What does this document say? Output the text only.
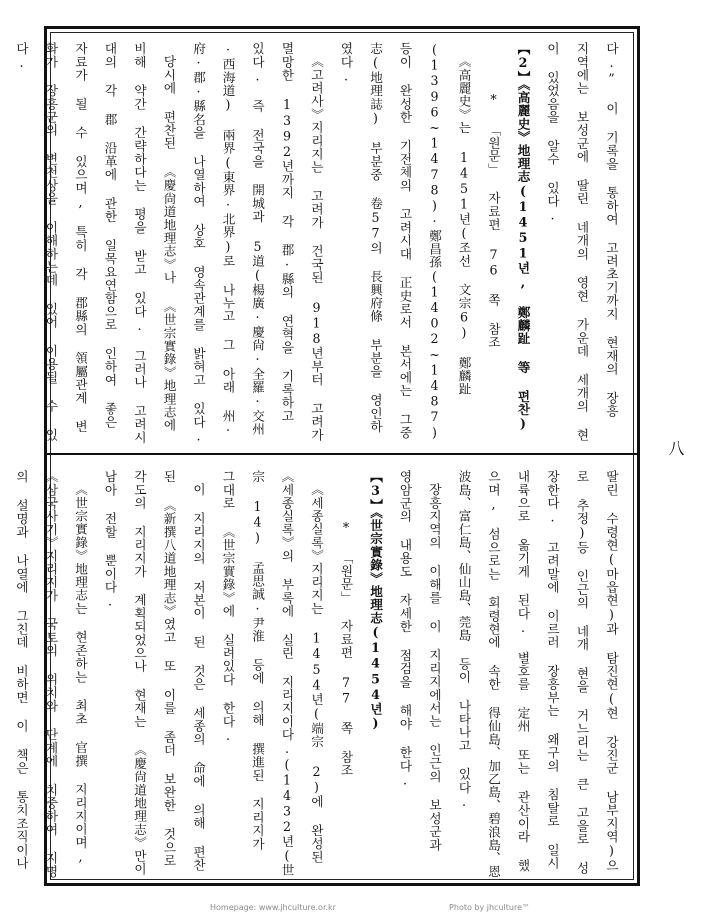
다.” 이 기록을 통하여 고려초기까지 현재의 장흥 지역에는 보성군에 딸린 네개의 영현 가운데 세개의 현이 있었음을 알수 있다.

【2】《高麗史》地理志(1451년, 鄭麟趾 等 편찬)

* 「원문」 자료편 76 쪽 참조

《高麗史》는 1451년(조선 文宗6) 鄭麟趾(1396~1478)·鄭昌孫(1402~1487)등이 완성한 기전체의 고려시대 正史로서 본서에는 그중 志(地理誌) 부분중 卷57의 長興府條 부분을 영인하였다.

《고려사》지리지는 고려가 건국된 918년부터 고려가 멸망한 1392년까지 각 郡·縣의 연혁을 기록하고 있다. 즉 전국을 開城과 5道(楊廣·慶尙·全羅·交州·西海道) 兩界(東界·北界)로 나누고 그 아래 州·府·郡·縣名을 나열하여 상호 영속관계를 밝혀고 있다.

당시에 편찬된 《慶尙道地理志》나 《世宗實錄》地理志에 비해 약간 간략하다는 평을 받고 있다. 그러나 고려시대의 각 郡 沿革에 관한 일목요연함으로 인하여 좋은 자료가 될 수 있으며, 특히 각 郡縣의 領屬관계 변화가 장흥군의 변천상을 이해하는데 있어 이용될 수 있다.

딸린 수령현(마읍현)과 탐진현(현 강진군 남부지역)으로 추정)등 인근의 네개 현을 거느리는 큰 고을로 성장한다. 고려말에 이르러 장흥부는 왜구의 침탈로 일시 내륙으로 옮기게 된다. 별호를 定州 또는 관산이라 했으며, 섬으로는 회령현에 속한 得仙島、加乙島、碧浪島、恩波島、富仁島、仙山島、莞島 등이 나타나고 있다.

장흥지역의 이해를 이 지리지에서는 인근의 보성군과 영암군의 내용도 자세한 점검을 해야 한다.

【3】《世宗實錄》地理志(1454년)

* 「원문」 자료편 77 쪽 참조

《세종실록》지리지는 1454년(端宗 2)에 완성된 《세종실록》의 부록에 실린 지리지이다.(1432년(世宗 14) 孟思誠·尹淮 등에 의해 撰進된 지리지가 그대로 《世宗實錄》에 실려있다 한다.

이 지리지의 저본이 된 것은 세종의 命에 의해 편찬된 《新撰八道地理志》였고 또 이를 좀더 보완한 것으로 각도의 지리지가 계획되었으나 현재는 《慶尙道地理志》만이 남아 전할 뿐이다.

《世宗實錄》地理志는 현존하는 최초 官撰 지리지이며, 《삼국사기》지리지가 국토의 위치와 단계에 치중하여 지명의 설명과 나열에 그친데 비하면 이 책은 통치조직이나

八
Homepage: www.jhculture.or.kr	Photo by jhculture™
